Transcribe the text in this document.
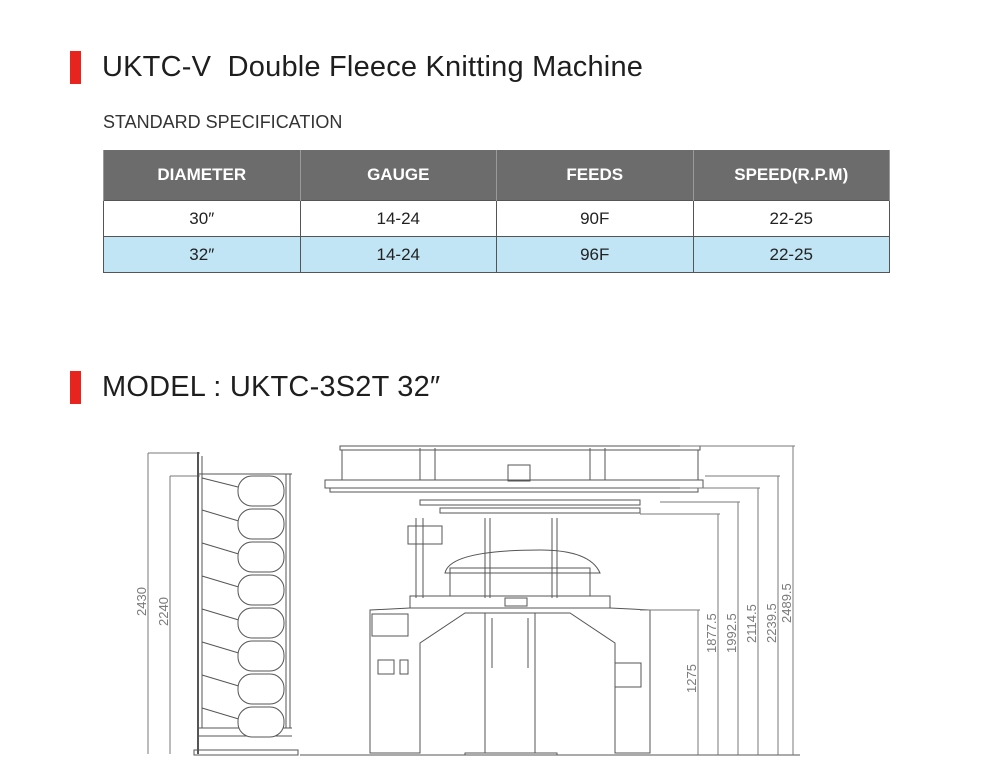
UKTC-V  Double Fleece Knitting Machine
STANDARD SPECIFICATION
DIAMETER	GAUGE	FEEDS	SPEED(R.P.M)
30″	14-24	90F	22-25
32″	14-24	96F	22-25
MODEL : UKTC-3S2T 32″
2430 2240
1275
1877.5 1992.5 2114.5 2239.5
2489.5
